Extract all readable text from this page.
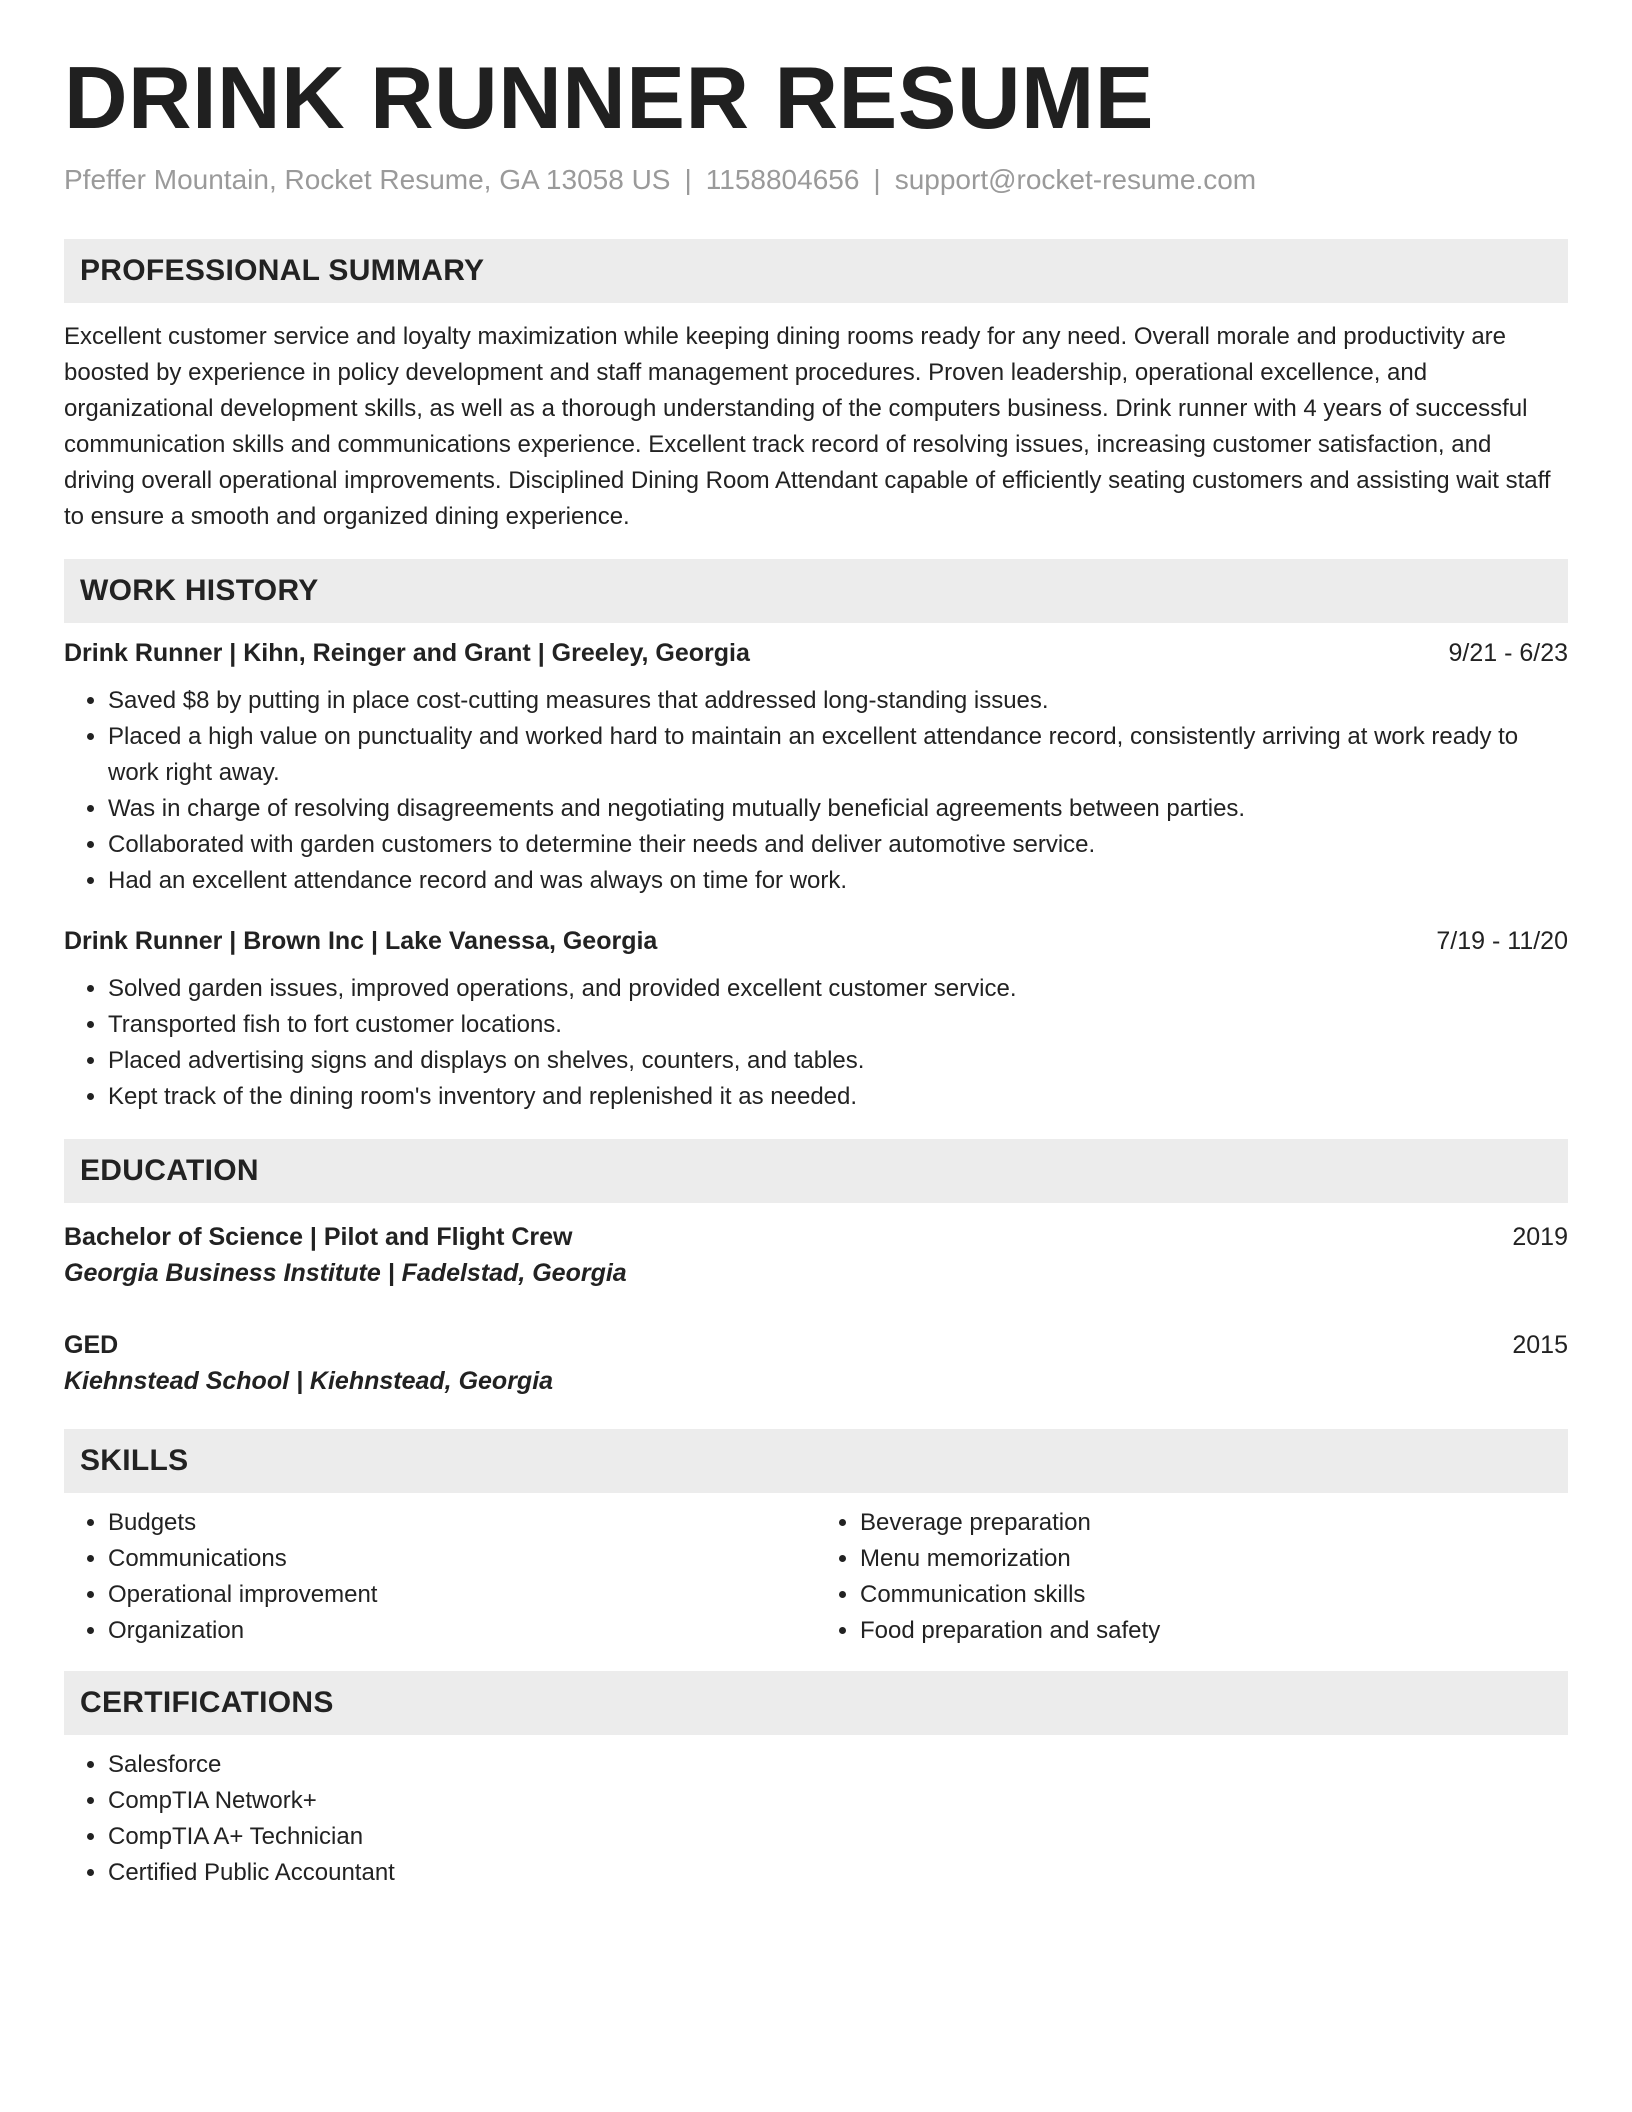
DRINK RUNNER RESUME
Pfeffer Mountain, Rocket Resume, GA 13058 US | 1158804656 | support@rocket-resume.com
PROFESSIONAL SUMMARY

Excellent customer service and loyalty maximization while keeping dining rooms ready for any need. Overall morale and productivity are boosted by experience in policy development and staff management procedures. Proven leadership, operational excellence, and organizational development skills, as well as a thorough understanding of the computers business. Drink runner with 4 years of successful communication skills and communications experience. Excellent track record of resolving issues, increasing customer satisfaction, and driving overall operational improvements. Disciplined Dining Room Attendant capable of efficiently seating customers and assisting wait staff to ensure a smooth and organized dining experience.

WORK HISTORY
Drink Runner | Kihn, Reinger and Grant | Greeley, Georgia	9/21 - 6/23
• Saved $8 by putting in place cost-cutting measures that addressed long-standing issues.
• Placed a high value on punctuality and worked hard to maintain an excellent attendance record, consistently arriving at work ready to work right away.
• Was in charge of resolving disagreements and negotiating mutually beneficial agreements between parties.
• Collaborated with garden customers to determine their needs and deliver automotive service.
• Had an excellent attendance record and was always on time for work.
Drink Runner | Brown Inc | Lake Vanessa, Georgia	7/19 - 11/20
• Solved garden issues, improved operations, and provided excellent customer service.
• Transported fish to fort customer locations.
• Placed advertising signs and displays on shelves, counters, and tables.
• Kept track of the dining room's inventory and replenished it as needed.
EDUCATION
Bachelor of Science | Pilot and Flight Crew	2019
Georgia Business Institute | Fadelstad, Georgia
GED	2015
Kiehnstead School | Kiehnstead, Georgia
SKILLS
• Budgets
• Communications
• Operational improvement
• Organization
• Beverage preparation
• Menu memorization
• Communication skills
• Food preparation and safety
CERTIFICATIONS
• Salesforce
• CompTIA Network+
• CompTIA A+ Technician
• Certified Public Accountant
